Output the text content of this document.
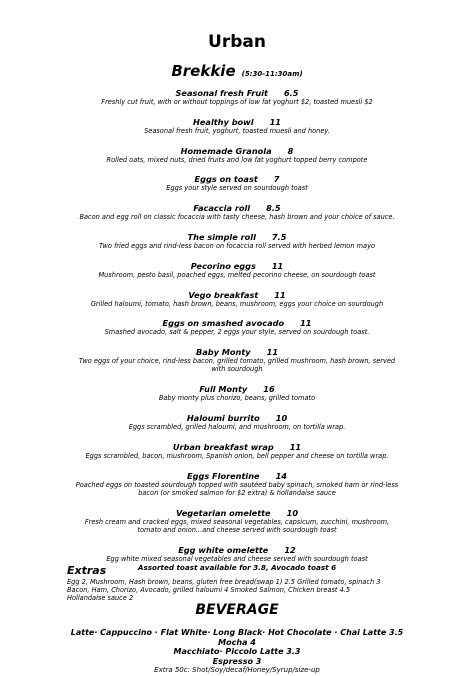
Urban
Brekkie (5:30-11:30am)
Seasonal fresh Fruit 6.5
Freshly cut fruit, with or without toppings of low fat yoghurt $2, toasted muesli $2
Healthy bowl 11
Seasonal fresh fruit, yoghurt, toasted muesli and honey.
Homemade Granola 8
Rolled oats, mixed nuts, dried fruits and low fat yoghurt topped berry compote
Eggs on toast 7
Eggs your style served on sourdough toast
Facaccia roll 8.5
Bacon and egg roll on classic focaccia with tasty cheese, hash brown and your choice of sauce.
The simple roll 7.5
Two fried eggs and rind-less bacon on focaccia roll served with herbed lemon mayo
Pecorino eggs 11
Mushroom, pesto basil, poached eggs, melted pecorino cheese, on sourdough toast
Vego breakfast 11
Grilled haloumi, tomato, hash brown, beans, mushroom, eggs your choice on sourdough
Eggs on smashed avocado 11
Smashed avocado, salt & pepper, 2 eggs your style, served on sourdough toast.
Baby Monty 11
Two eggs of your choice, rind-less bacon, grilled tomato, grilled mushroom, hash brown, served with sourdough
Full Monty 16
Baby monty plus chorizo, beans, grilled tomato
Haloumi burrito 10
Eggs scrambled, grilled haloumi, and mushroom, on tortilla wrap.
Urban breakfast wrap 11
Eggs scrambled, bacon, mushroom, Spanish onion, bell pepper and cheese on tortilla wrap.
Eggs Florentine 14
Poached eggs on toasted sourdough topped with sautéed baby spinach, smoked ham or rind-less bacon (or smoked salmon for $2 extra) & hollandaise sauce
Vegetarian omelette 10
Fresh cream and cracked eggs, mixed seasonal vegetables, capsicum, zucchini, mushroom, tomato and onion...and cheese served with sourdough toast
Egg white omelette 12
Egg white mixed seasonal vegetables and cheese served with sourdough toast
Assorted toast available for 3.8, Avocado toast 6
Extras
Egg 2, Mushroom, Hash brown, beans, gluten free bread(swap 1) 2.5 Grilled tomato, spinach 3 Bacon, Ham, Chorizo, Avocado, grilled haloumi 4 Smoked Salmon, Chicken breast 4.5 Hollandaise sauce 2
BEVERAGE
Latte· Cappuccino · Flat White· Long Black· Hot Chocolate · Chai Latte 3.5
Mocha 4
Macchiato· Piccolo Latte 3.3
Espresso 3
Extra 50c: Shot/Soy/decaf/Honey/Syrup/size-up
